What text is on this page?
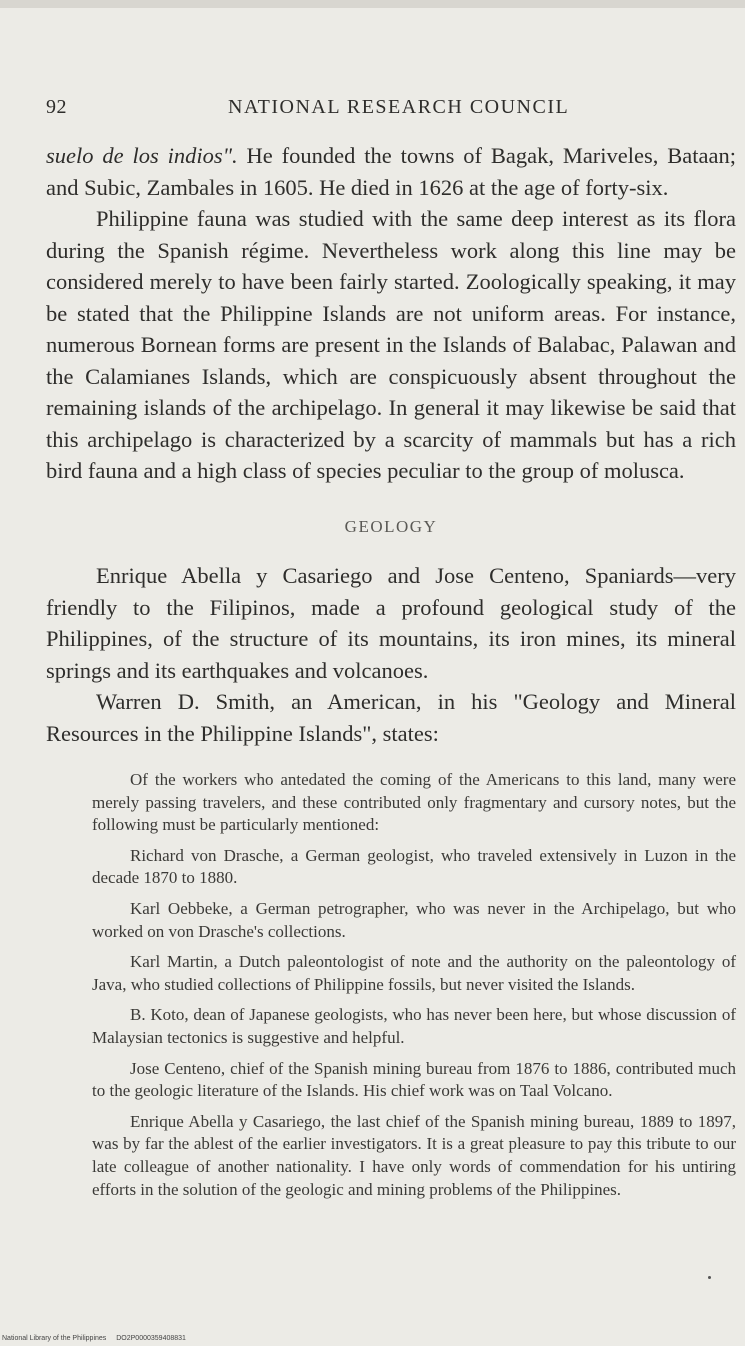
92	NATIONAL RESEARCH COUNCIL

suelo de los indios". He founded the towns of Bagak, Mariveles, Bataan; and Subic, Zambales in 1605. He died in 1626 at the age of forty-six.

Philippine fauna was studied with the same deep interest as its flora during the Spanish régime. Nevertheless work along this line may be considered merely to have been fairly started. Zoologically speaking, it may be stated that the Philippine Islands are not uniform areas. For instance, numerous Bornean forms are present in the Islands of Balabac, Palawan and the Calamianes Islands, which are conspicuously absent throughout the remaining islands of the archipelago. In general it may likewise be said that this archipelago is characterized by a scarcity of mammals but has a rich bird fauna and a high class of species peculiar to the group of molusca.

GEOLOGY

Enrique Abella y Casariego and Jose Centeno, Spaniards—very friendly to the Filipinos, made a profound geological study of the Philippines, of the structure of its mountains, its iron mines, its mineral springs and its earthquakes and volcanoes.

Warren D. Smith, an American, in his "Geology and Mineral Resources in the Philippine Islands", states:

Of the workers who antedated the coming of the Americans to this land, many were merely passing travelers, and these contributed only fragmentary and cursory notes, but the following must be particularly mentioned:

Richard von Drasche, a German geologist, who traveled extensively in Luzon in the decade 1870 to 1880.

Karl Oebbeke, a German petrographer, who was never in the Archipelago, but who worked on von Drasche's collections.

Karl Martin, a Dutch paleontologist of note and the authority on the paleontology of Java, who studied collections of Philippine fossils, but never visited the Islands.

B. Koto, dean of Japanese geologists, who has never been here, but whose discussion of Malaysian tectonics is suggestive and helpful.

Jose Centeno, chief of the Spanish mining bureau from 1876 to 1886, contributed much to the geologic literature of the Islands. His chief work was on Taal Volcano.

Enrique Abella y Casariego, the last chief of the Spanish mining bureau, 1889 to 1897, was by far the ablest of the earlier investigators. It is a great pleasure to pay this tribute to our late colleague of another nationality. I have only words of commendation for his untiring efforts in the solution of the geologic and mining problems of the Philippines.

National Library of the Philippines DO2P0000359408831
